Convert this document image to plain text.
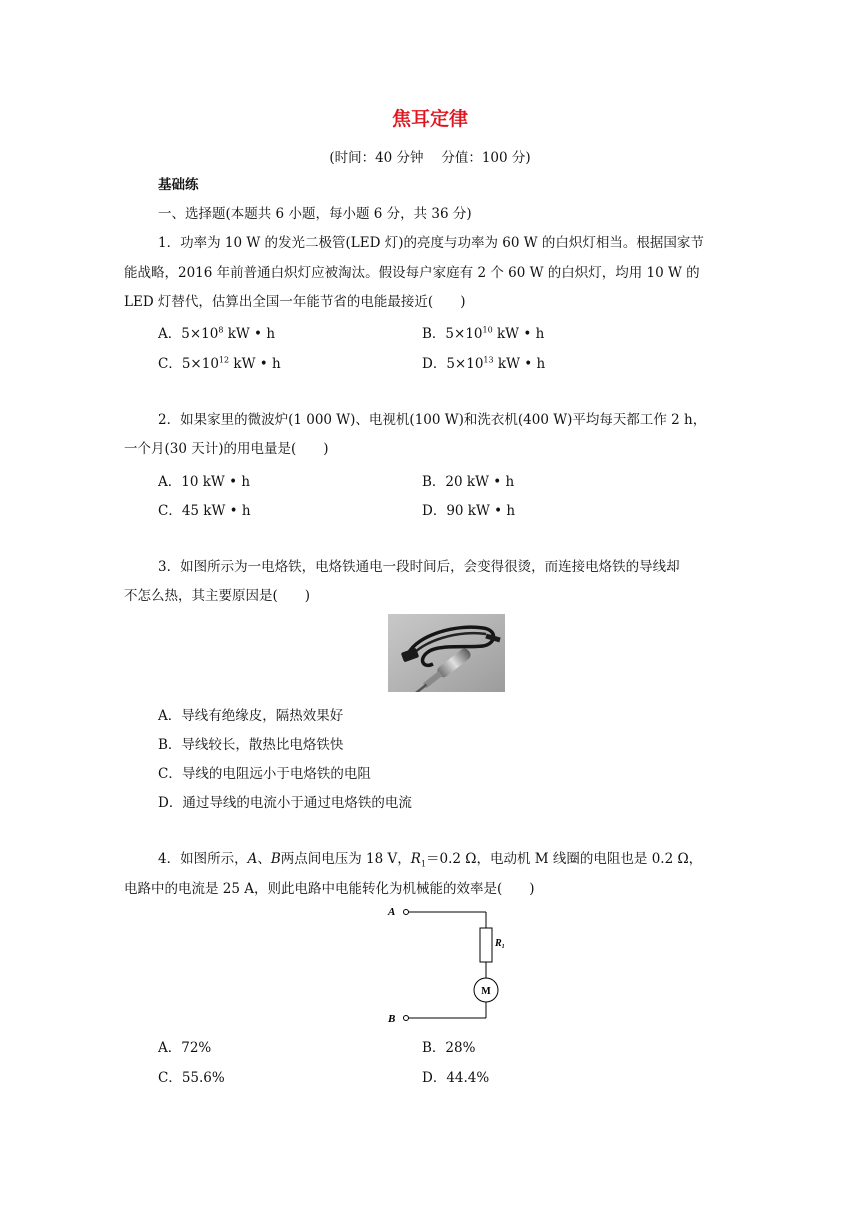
焦耳定律
(时间：40 分钟　 分值：100 分)
基础练
一、选择题(本题共 6 小题，每小题 6 分，共 36 分)
1．功率为 10 W 的发光二极管(LED 灯)的亮度与功率为 60 W 的白炽灯相当。根据国家节
能战略，2016 年前普通白炽灯应被淘汰。假设每户家庭有 2 个 60 W 的白炽灯，均用 10 W 的
LED 灯替代，估算出全国一年能节省的电能最接近(　　)
A．$5\times 10^8$ kW • h	B．$5\times 10^{10}$ kW • h
C．$5\times 10^{12}$ kW • h	D．$5\times 10^{13}$ kW • h
2．如果家里的微波炉(1 000 W)、电视机(100 W)和洗衣机(400 W)平均每天都工作 2 h，
一个月(30 天计)的用电量是(　　)
A．10 kW • h	B．20 kW • h
C．45 kW • h	D．90 kW • h
3．如图所示为一电烙铁，电烙铁通电一段时间后，会变得很烫，而连接电烙铁的导线却
不怎么热，其主要原因是(　　)
A．导线有绝缘皮，隔热效果好
B．导线较长，散热比电烙铁快
C．导线的电阻远小于电烙铁的电阻
D．通过导线的电流小于通过电烙铁的电流
4．如图所示，A、B两点间电压为 18 V，$R_1=0.2$ Ω，电动机 M 线圈的电阻也是 0.2 Ω，
电路中的电流是 25 A，则此电路中电能转化为机械能的效率是(　　)
A
$R_1$
M
B
A．72%	B．28%
C．55.6%	D．44.4%
